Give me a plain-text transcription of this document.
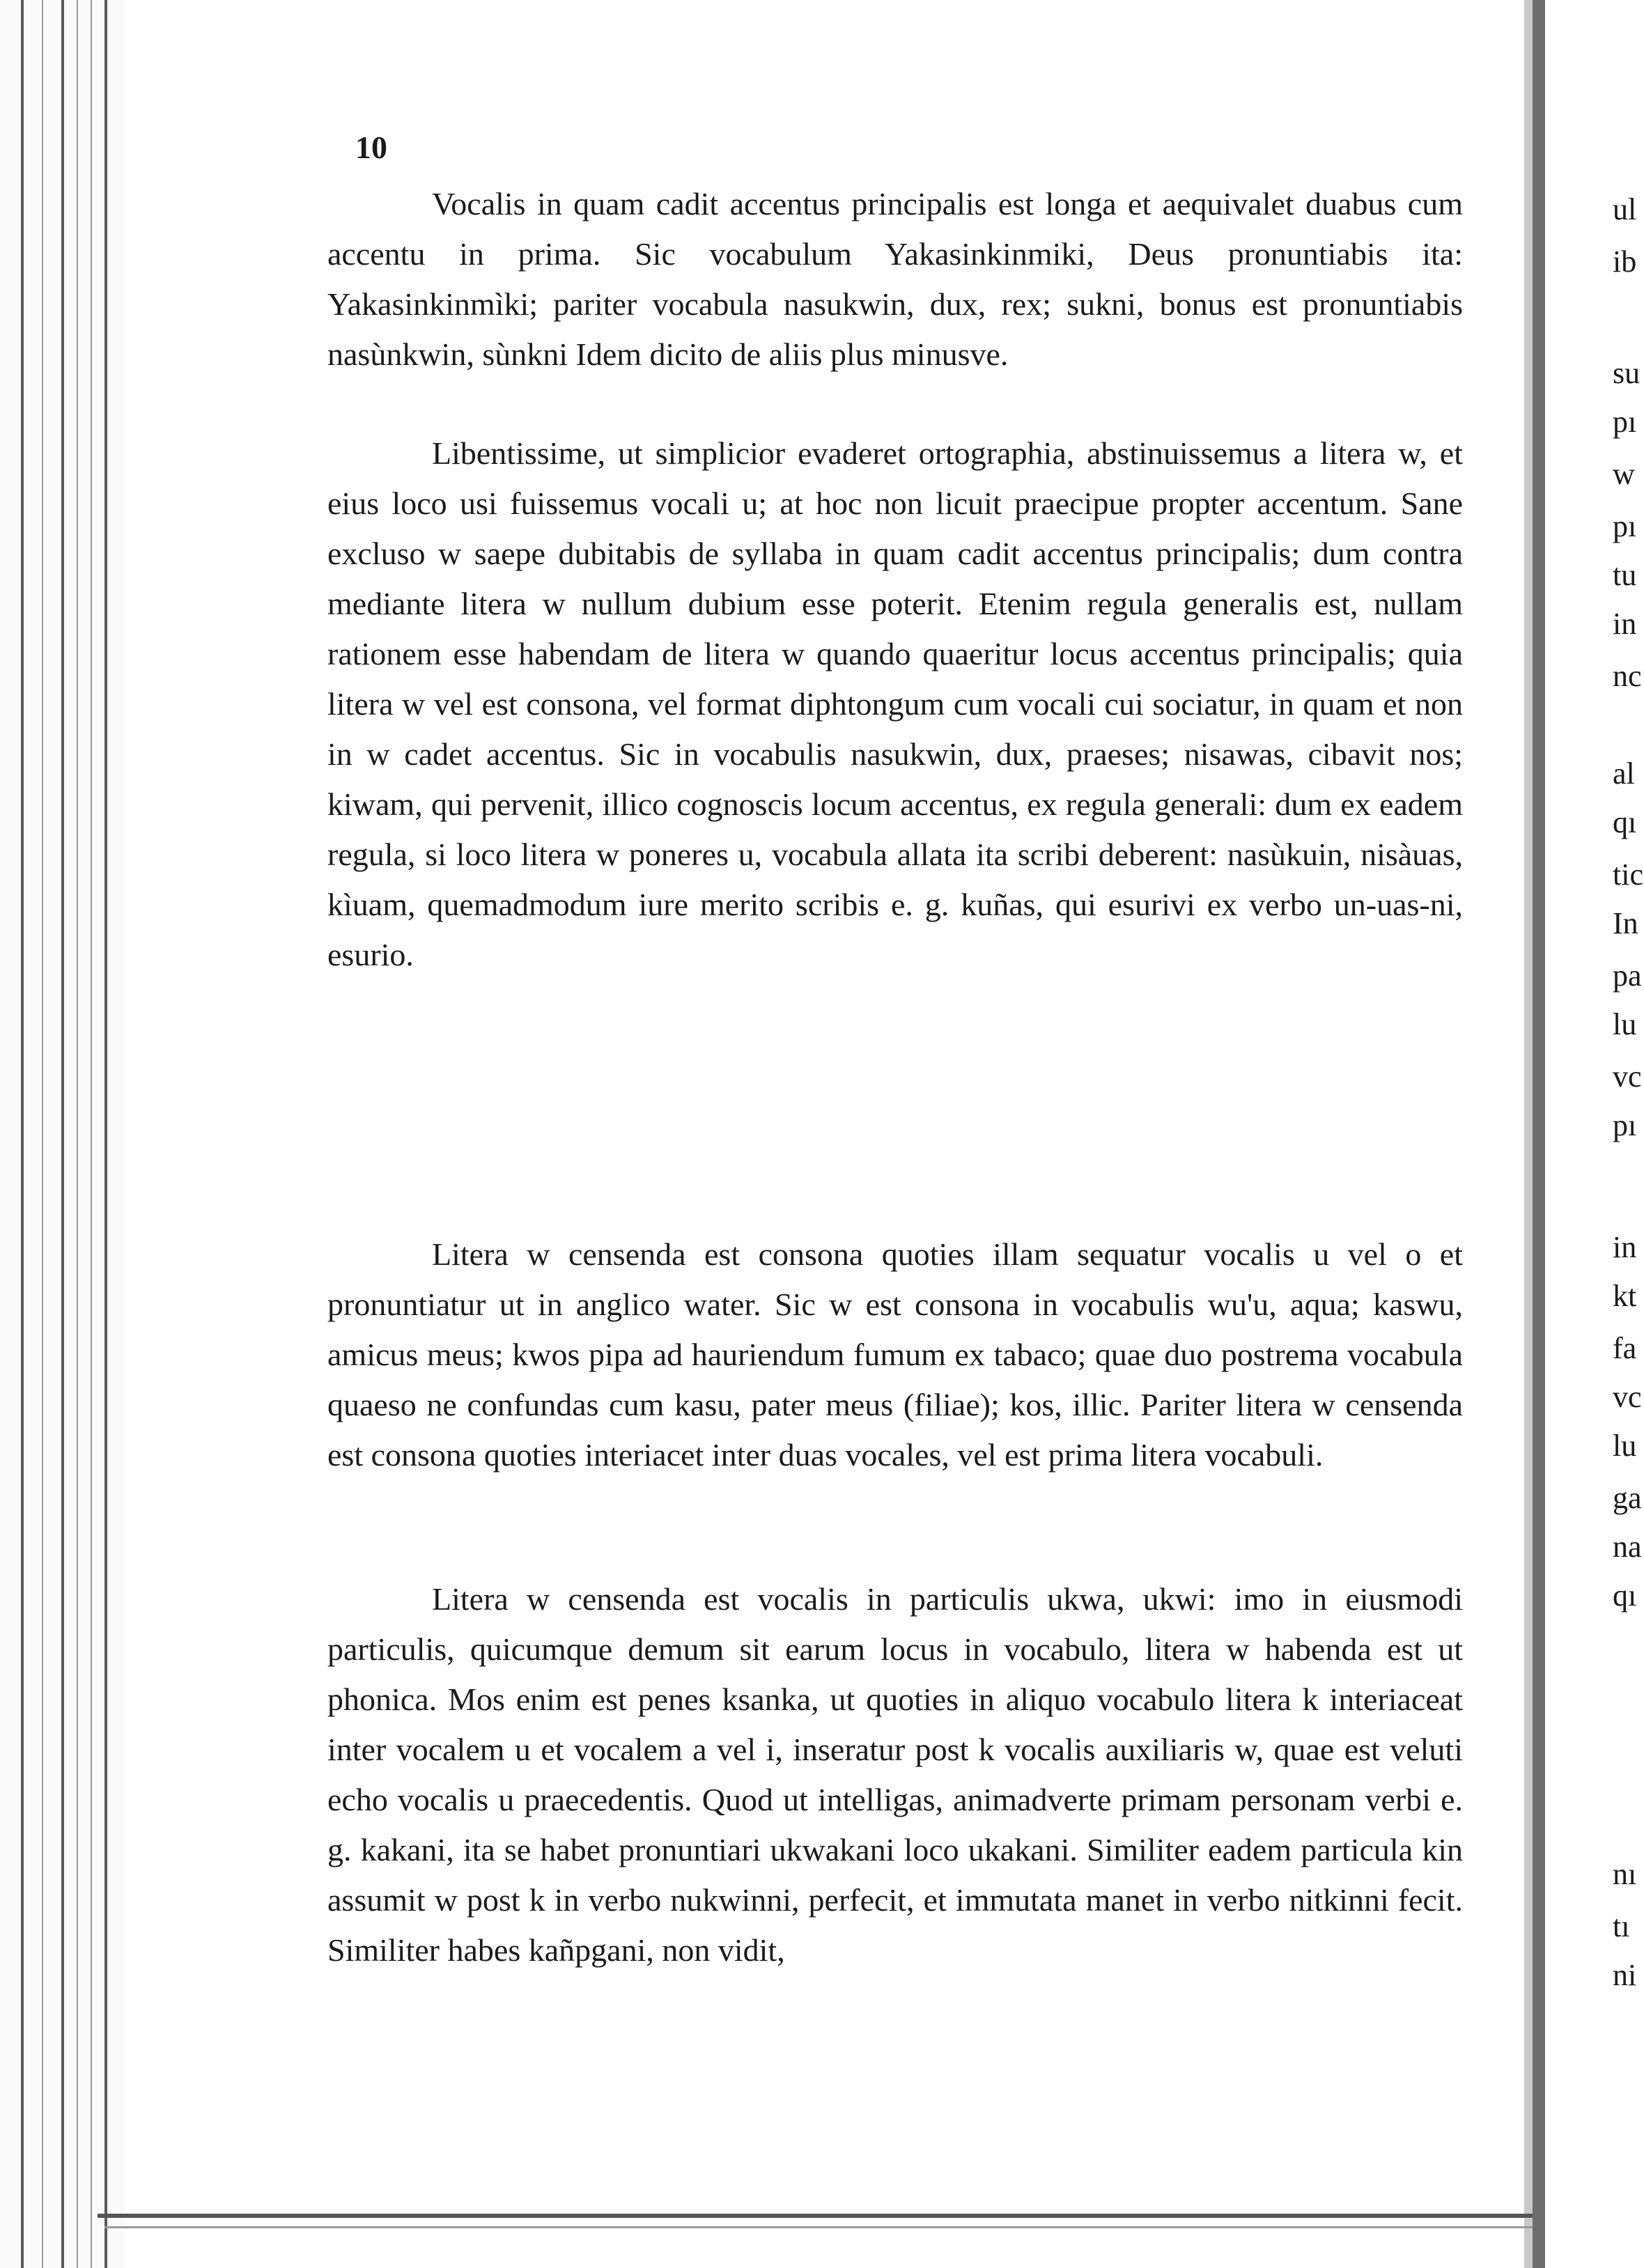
10
Vocalis in quam cadit accentus principalis est longa et aequivalet duabus cum accentu in prima. Sic vocabulum Yakasinkinmiki, Deus pronuntiabis ita: Yakasinkinmìki; pariter vocabula nasukwin, dux, rex; sukni, bonus est pronuntiabis nasùnkwin, sùnkni Idem dicito de aliis plus minusve.
Libentissime, ut simplicior evaderet ortographia, abstinuissemus a litera w, et eius loco usi fuissemus vocali u; at hoc non licuit praecipue propter accentum. Sane excluso w saepe dubitabis de syllaba in quam cadit accentus principalis; dum contra mediante litera w nullum dubium esse poterit. Etenim regula generalis est, nullam rationem esse habendam de litera w quando quaeritur locus accentus principalis; quia litera w vel est consona, vel format diphtongum cum vocali cui sociatur, in quam et non in w cadet accentus. Sic in vocabulis nasukwin, dux, praeses; nisawas, cibavit nos; kiwam, qui pervenit, illico cognoscis locum accentus, ex regula generali: dum ex eadem regula, si loco litera w poneres u, vocabula allata ita scribi deberent: nasùkuin, nisàuas, kìuam, quemadmodum iure merito scribis e. g. kuñas, qui esurivi ex verbo un-uas-ni, esurio.
Litera w censenda est consona quoties illam sequatur vocalis u vel o et pronuntiatur ut in anglico water. Sic w est consona in vocabulis wu'u, aqua; kaswu, amicus meus; kwos pipa ad hauriendum fumum ex tabaco; quae duo postrema vocabula quaeso ne confundas cum kasu, pater meus (filiae); kos, illic. Pariter litera w censenda est consona quoties interiacet inter duas vocales, vel est prima litera vocabuli.
Litera w censenda est vocalis in particulis ukwa, ukwi: imo in eiusmodi particulis, quicumque demum sit earum locus in vocabulo, litera w habenda est ut phonica. Mos enim est penes ksanka, ut quoties in aliquo vocabulo litera k interiaceat inter vocalem u et vocalem a vel i, inseratur post k vocalis auxiliaris w, quae est veluti echo vocalis u praecedentis. Quod ut intelligas, animadverte primam personam verbi e. g. kakani, ita se habet pronuntiari ukwakani loco ukakani. Similiter eadem particula kin assumit w post k in verbo nukwinni, perfecit, et immutata manet in verbo nitkinni fecit. Similiter habes kañpgani, non vidit,
ul
ib
su
pı
w
pı
tu
in
nc
al
qı
tic
In
pa
lu
vc
pı
in
kt
fa
vc
lu
ga
na
qı
nı
tı
ni
